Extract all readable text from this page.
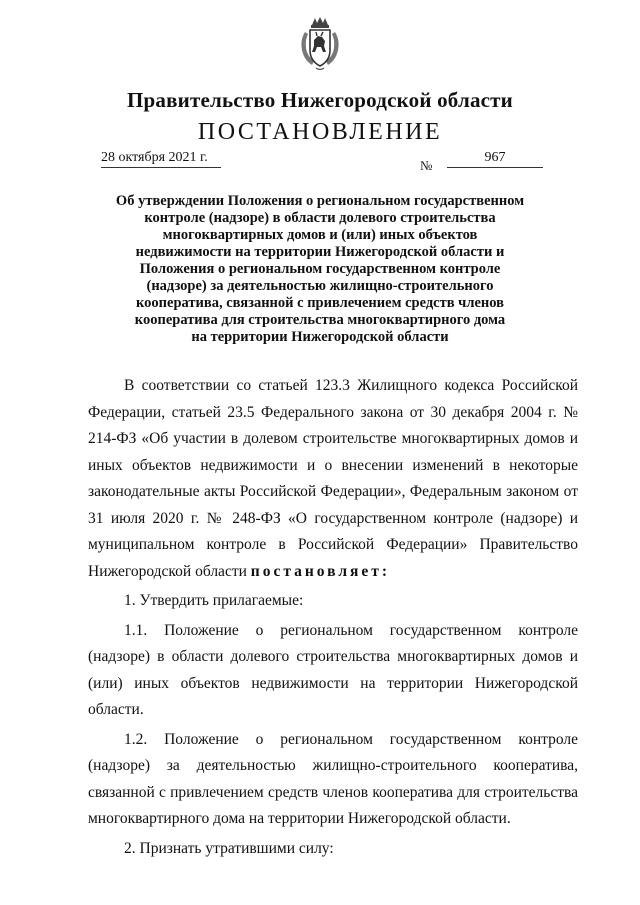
Правительство Нижегородской области
ПОСТАНОВЛЕНИЕ
28 октября 2021 г.
№
967
Об утверждении Положения о региональном государственном
контроле (надзоре) в области долевого строительства
многоквартирных домов и (или) иных объектов
недвижимости на территории Нижегородской области и
Положения о региональном государственном контроле
(надзоре) за деятельностью жилищно-строительного
кооператива, связанной с привлечением средств членов
кооператива для строительства многоквартирного дома
на территории Нижегородской области

В соответствии со статьей 123.3 Жилищного кодекса Российской Федерации, статьей 23.5 Федерального закона от 30 декабря 2004 г. № 214-ФЗ «Об участии в долевом строительстве многоквартирных домов и иных объектов недвижимости и о внесении изменений в некоторые законодательные акты Российской Федерации», Федеральным законом от 31 июля 2020 г. № 248-ФЗ «О государственном контроле (надзоре) и муниципальном контроле в Российской Федерации» Правительство Нижегородской области постановляет:

1. Утвердить прилагаемые:

1.1. Положение о региональном государственном контроле (надзоре) в области долевого строительства многоквартирных домов и (или) иных объектов недвижимости на территории Нижегородской области.

1.2. Положение о региональном государственном контроле (надзоре) за деятельностью жилищно-строительного кооператива, связанной с привлечением средств членов кооператива для строительства многоквартирного дома на территории Нижегородской области.

2. Признать утратившими силу:
